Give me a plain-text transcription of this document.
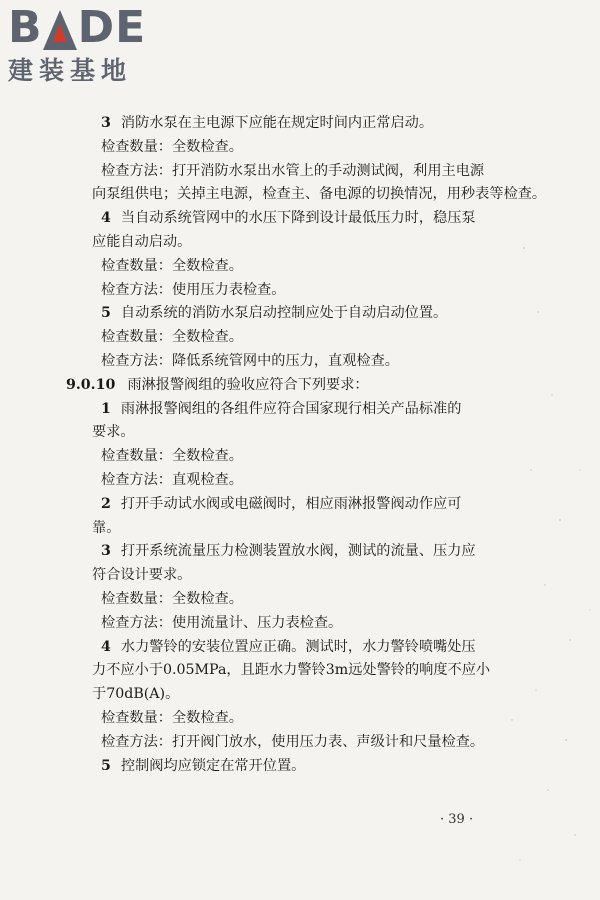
B DE
建装基地
3 消防水泵在主电源下应能在规定时间内正常启动。
检查数量：全数检查。
检查方法：打开消防水泵出水管上的手动测试阀，利用主电源
向泵组供电；关掉主电源，检查主、备电源的切换情况，用秒表等检查。
4 当自动系统管网中的水压下降到设计最低压力时，稳压泵
应能自动启动。
检查数量：全数检查。
检查方法：使用压力表检查。
5 自动系统的消防水泵启动控制应处于自动启动位置。
检查数量：全数检查。
检查方法：降低系统管网中的压力，直观检查。
9.0.10 雨淋报警阀组的验收应符合下列要求：
1 雨淋报警阀组的各组件应符合国家现行相关产品标准的
要求。
检查数量：全数检查。
检查方法：直观检查。
2 打开手动试水阀或电磁阀时，相应雨淋报警阀动作应可
靠。
3 打开系统流量压力检测装置放水阀，测试的流量、压力应
符合设计要求。
检查数量：全数检查。
检查方法：使用流量计、压力表检查。
4 水力警铃的安装位置应正确。测试时，水力警铃喷嘴处压
力不应小于0.05MPa，且距水力警铃3m远处警铃的响度不应小
于70dB(A)。
检查数量：全数检查。
检查方法：打开阀门放水，使用压力表、声级计和尺量检查。
5 控制阀均应锁定在常开位置。
· 39 ·
